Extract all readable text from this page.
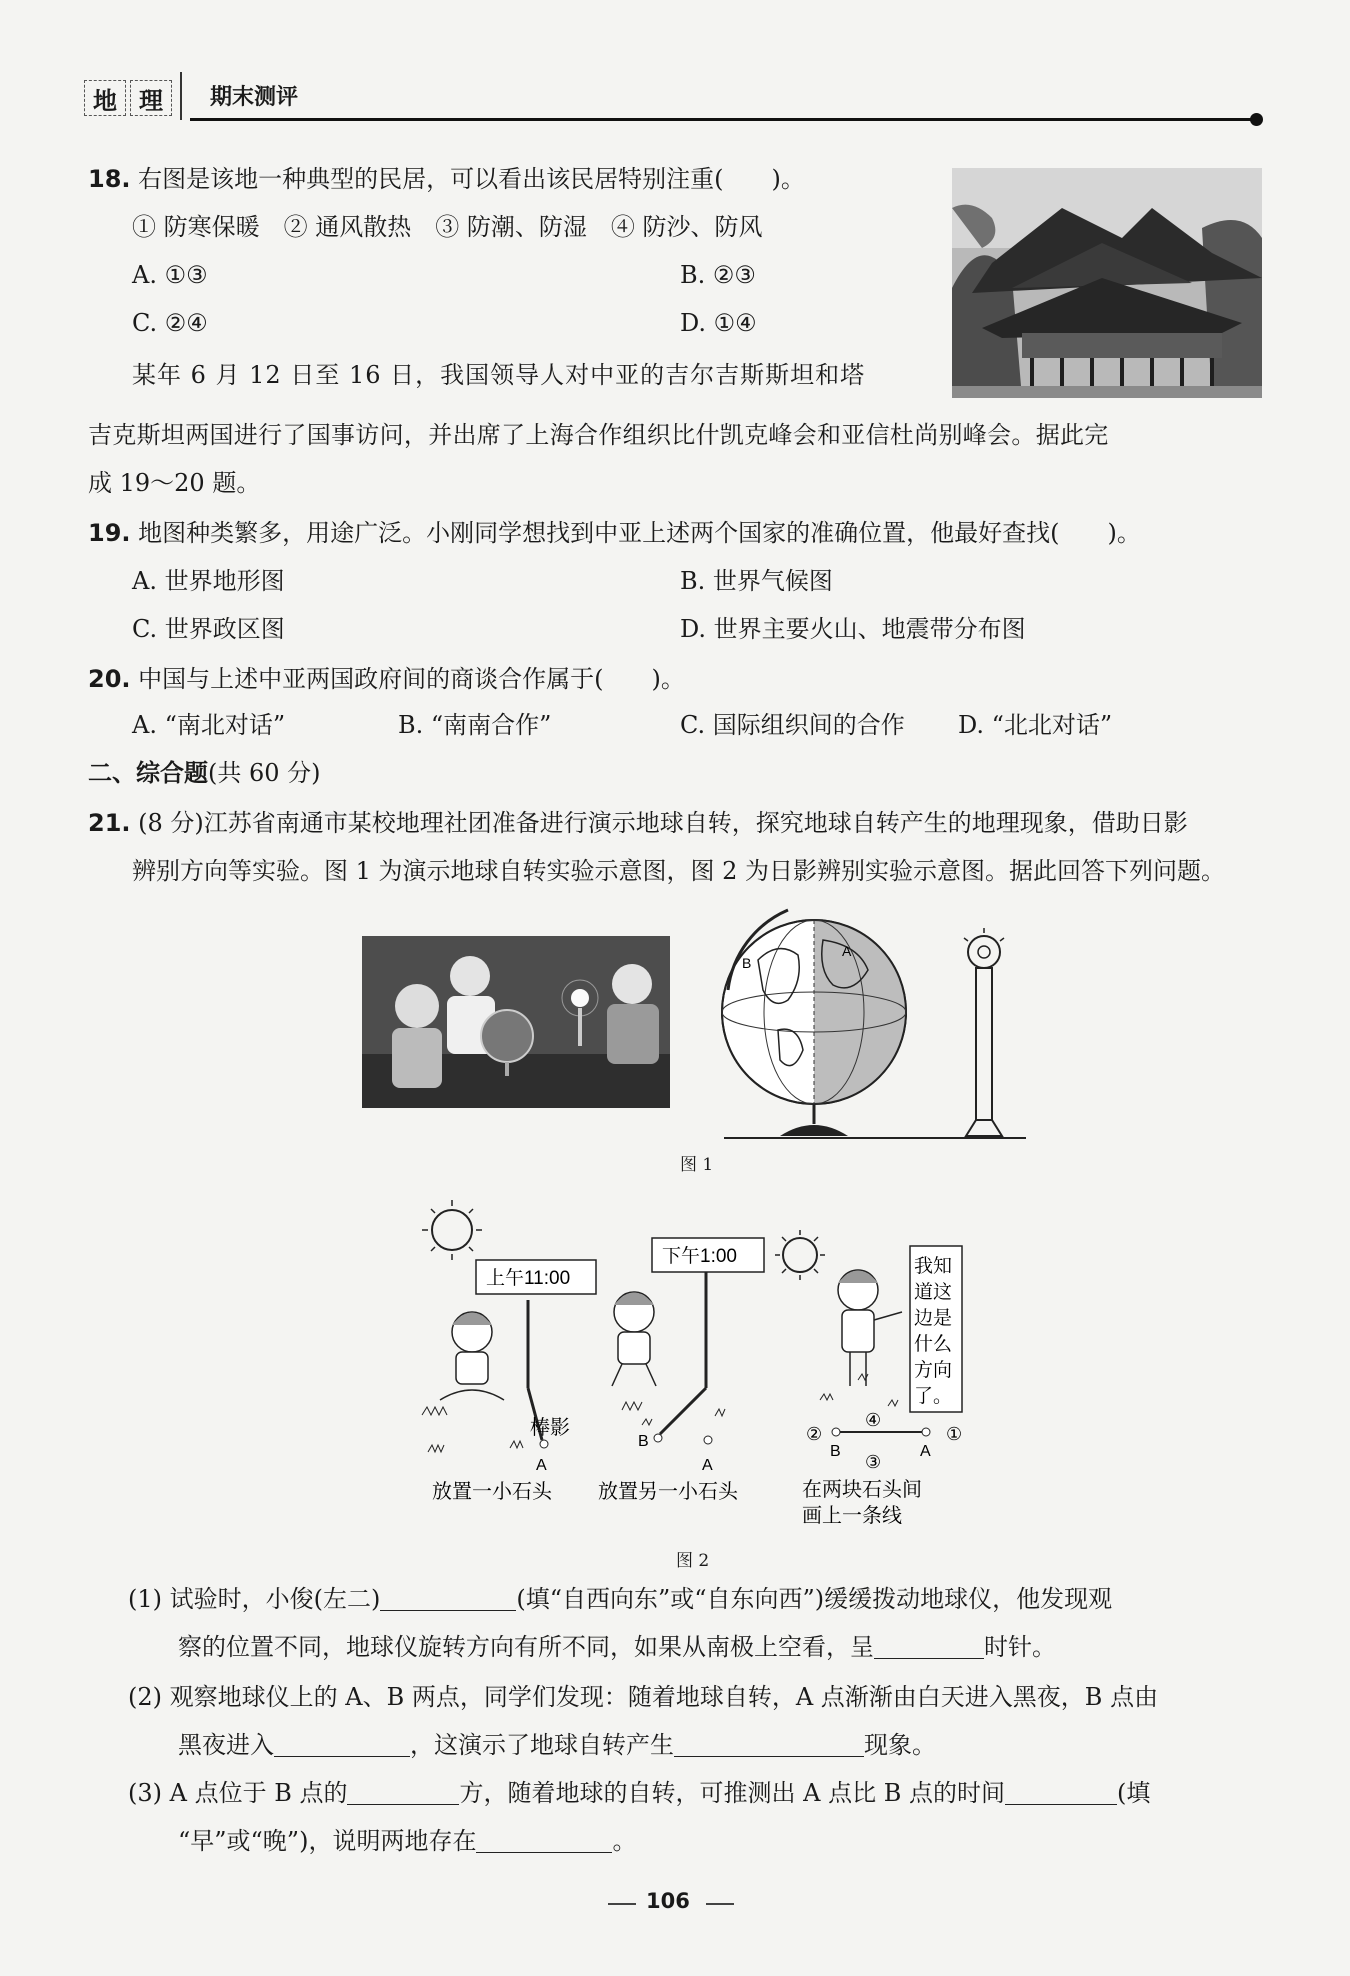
地 理 期末测评
18. 右图是该地一种典型的民居，可以看出该民居特别注重(　　)。
① 防寒保暖　② 通风散热　③ 防潮、防湿　④ 防沙、防风
A. ①③	B. ②③
C. ②④	D. ①④
某年 6 月 12 日至 16 日，我国领导人对中亚的吉尔吉斯斯坦和塔
吉克斯坦两国进行了国事访问，并出席了上海合作组织比什凯克峰会和亚信杜尚别峰会。据此完
成 19～20 题。
19. 地图种类繁多，用途广泛。小刚同学想找到中亚上述两个国家的准确位置，他最好查找(　　)。
A. 世界地形图	B. 世界气候图
C. 世界政区图	D. 世界主要火山、地震带分布图
20. 中国与上述中亚两国政府间的商谈合作属于(　　)。
A. “南北对话”	B. “南南合作”	C. 国际组织间的合作 D. “北北对话”
二、综合题(共 60 分)
21. (8 分)江苏省南通市某校地理社团准备进行演示地球自转，探究地球自转产生的地理现象，借助日影
辨别方向等实验。图 1 为演示地球自转实验示意图，图 2 为日影辨别实验示意图。据此回答下列问题。
B
A
图 1
上午11:00
下午1:00
棒影
A
B
A
我知 道这 边是 什么 方向 了。
②	①
④
③
B	A
放置一小石头 放置另一小石头	在两块石头间
画上一条线
图 2
(1) 试验时，小俊(左二)	(填“自西向东”或“自东向西”)缓缓拨动地球仪，他发现观
察的位置不同，地球仪旋转方向有所不同，如果从南极上空看，呈	时针。
(2) 观察地球仪上的 A、B 两点，同学们发现：随着地球自转，A 点渐渐由白天进入黑夜，B 点由
黑夜进入	，这演示了地球自转产生	现象。
(3) A 点位于 B 点的	方，随着地球的自转，可推测出 A 点比 B 点的时间	(填
“早”或“晚”)，说明两地存在	。
106
